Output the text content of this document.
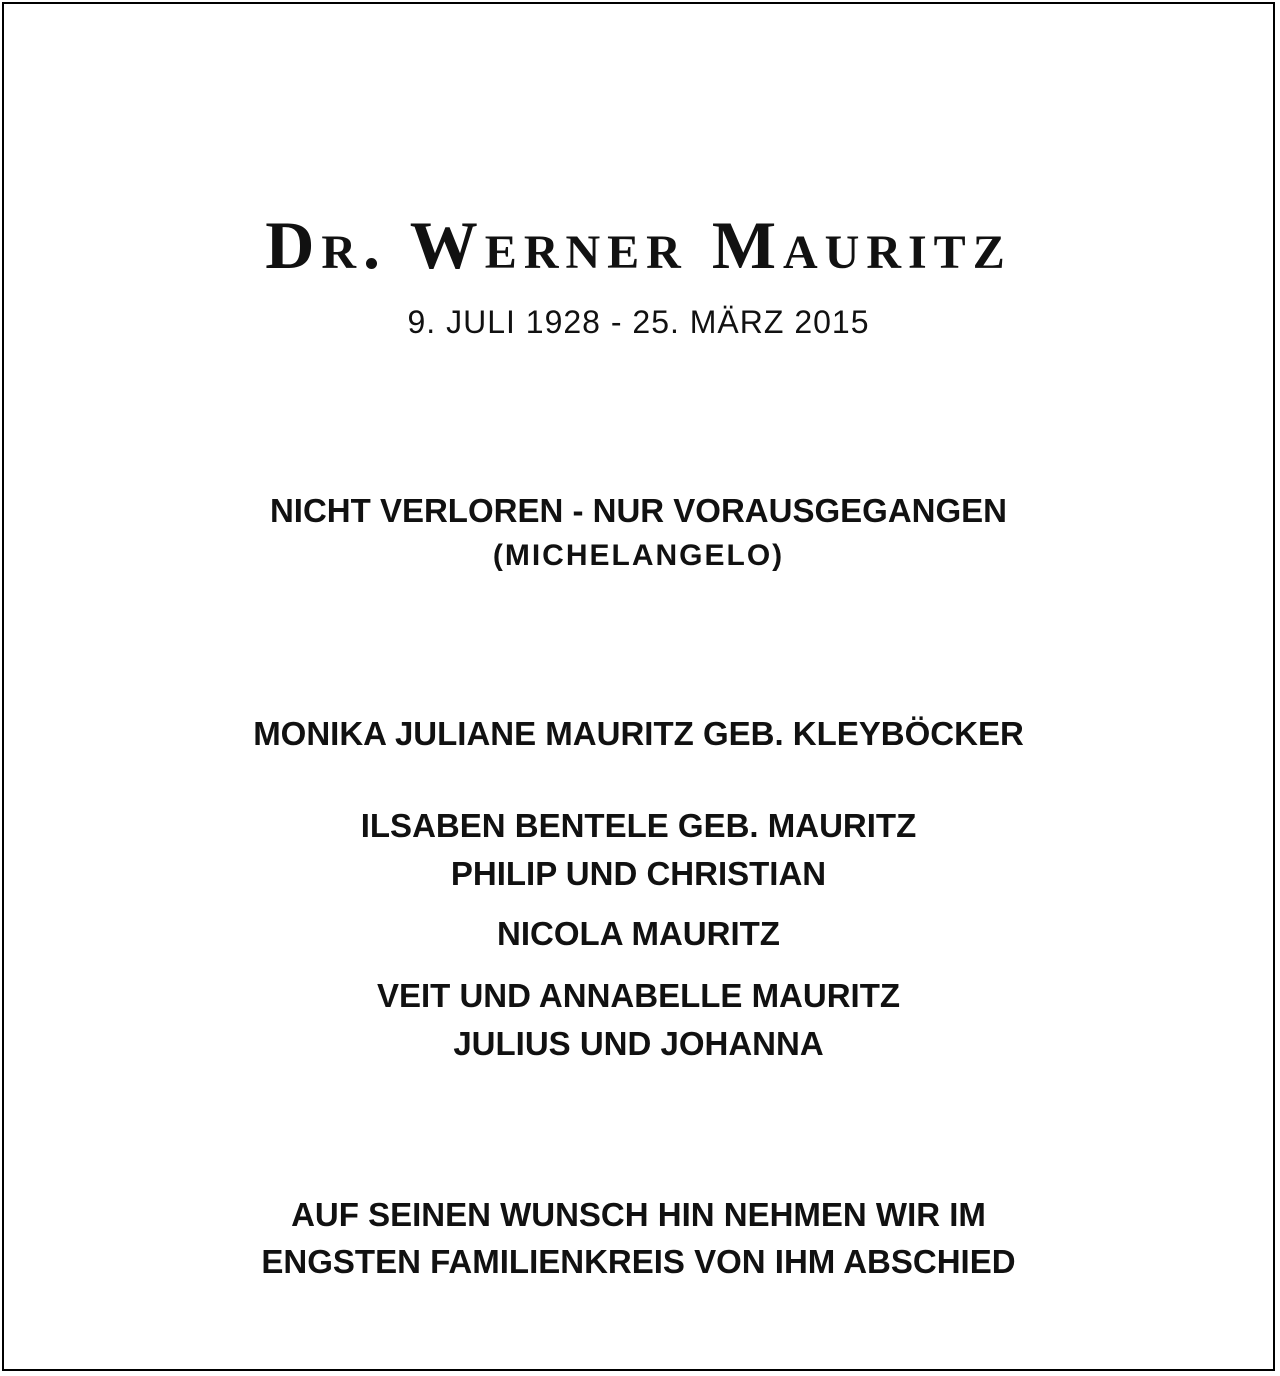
Dr. Werner Mauritz
9. JULI 1928 - 25. MÄRZ 2015
NICHT VERLOREN - NUR VORAUSGEGANGEN
(MICHELANGELO)
MONIKA JULIANE MAURITZ GEB. KLEYBÖCKER
ILSABEN BENTELE GEB. MAURITZ
PHILIP UND CHRISTIAN
NICOLA MAURITZ
VEIT UND ANNABELLE MAURITZ
JULIUS UND JOHANNA
AUF SEINEN WUNSCH HIN NEHMEN WIR IM
ENGSTEN FAMILIENKREIS VON IHM ABSCHIED
